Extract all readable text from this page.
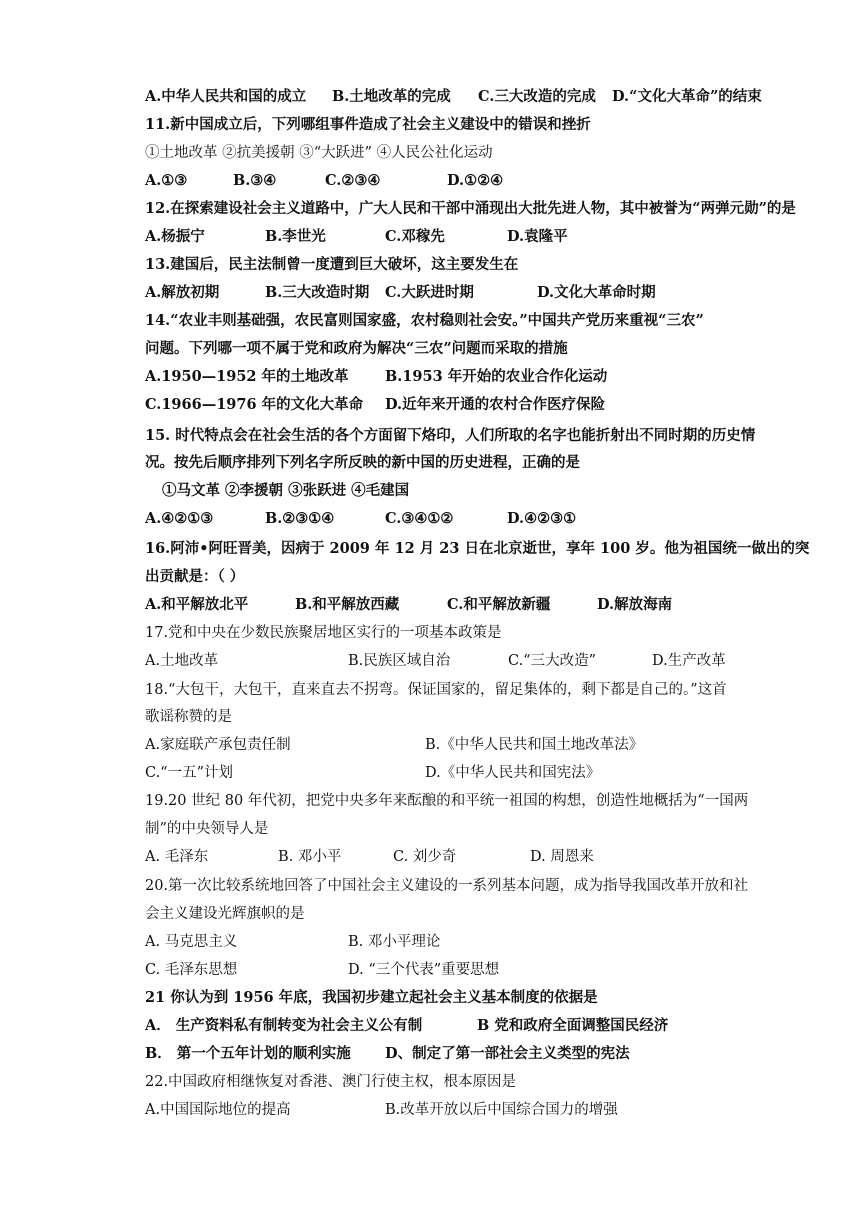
A.中华人民共和国的成立 B.土地改革的完成 C.三大改造的完成 D.“文化大革命”的结束
11.新中国成立后，下列哪组事件造成了社会主义建设中的错误和挫折
①土地改革 ②抗美援朝 ③“大跃进” ④人民公社化运动
A.①③	B.③④	C.②③④	D.①②④
12.在探索建设社会主义道路中，广大人民和干部中涌现出大批先进人物，其中被誉为“两弹元勋”的是
A.杨振宁	B.李世光	C.邓稼先	D.袁隆平
13.建国后，民主法制曾一度遭到巨大破坏，这主要发生在
A.解放初期	B.三大改造时期 C.大跃进时期	D.文化大革命时期
14.“农业丰则基础强，农民富则国家盛，农村稳则社会安。”中国共产党历来重视“三农”
问题。下列哪一项不属于党和政府为解决“三农”问题而采取的措施
A.1950—1952 年的土地改革	B.1953 年开始的农业合作化运动
C.1966—1976 年的文化大革命 D.近年来开通的农村合作医疗保险
15. 时代特点会在社会生活的各个方面留下烙印，人们所取的名字也能折射出不同时期的历史情
况。按先后顺序排列下列名字所反映的新中国的历史进程，正确的是
①马文革 ②李援朝 ③张跃进 ④毛建国
A.④②①③	B.②③①④	C.③④①②	D.④②③①
16.阿沛•阿旺晋美，因病于 2009 年 12 月 23 日在北京逝世，享年 100 岁。他为祖国统一做出的突
出贡献是：（ ）
A.和平解放北平	B.和平解放西藏	C.和平解放新疆	D.解放海南
17.党和中央在少数民族聚居地区实行的一项基本政策是
A.土地改革	B.民族区域自治	C.“三大改造”	D.生产改革
18.“大包干，大包干，直来直去不拐弯。保证国家的，留足集体的，剩下都是自己的。”这首
歌谣称赞的是
A.家庭联产承包责任制	B.《中华人民共和国土地改革法》
C.“一五”计划	D.《中华人民共和国宪法》
19.20 世纪 80 年代初，把党中央多年来酝酿的和平统一祖国的构想，创造性地概括为“一国两
制”的中央领导人是
A. 毛泽东	B. 邓小平	C. 刘少奇	D. 周恩来
20.第一次比较系统地回答了中国社会主义建设的一系列基本问题，成为指导我国改革开放和社
会主义建设光辉旗帜的是
A. 马克思主义	B. 邓小平理论
C. 毛泽东思想	D. “三个代表”重要思想
21 你认为到 1956 年底，我国初步建立起社会主义基本制度的依据是
A． 生产资料私有制转变为社会主义公有制	B 党和政府全面调整国民经济
B． 第一个五年计划的顺利实施 D、制定了第一部社会主义类型的宪法
22.中国政府相继恢复对香港、澳门行使主权，根本原因是
A.中国国际地位的提高	B.改革开放以后中国综合国力的增强
